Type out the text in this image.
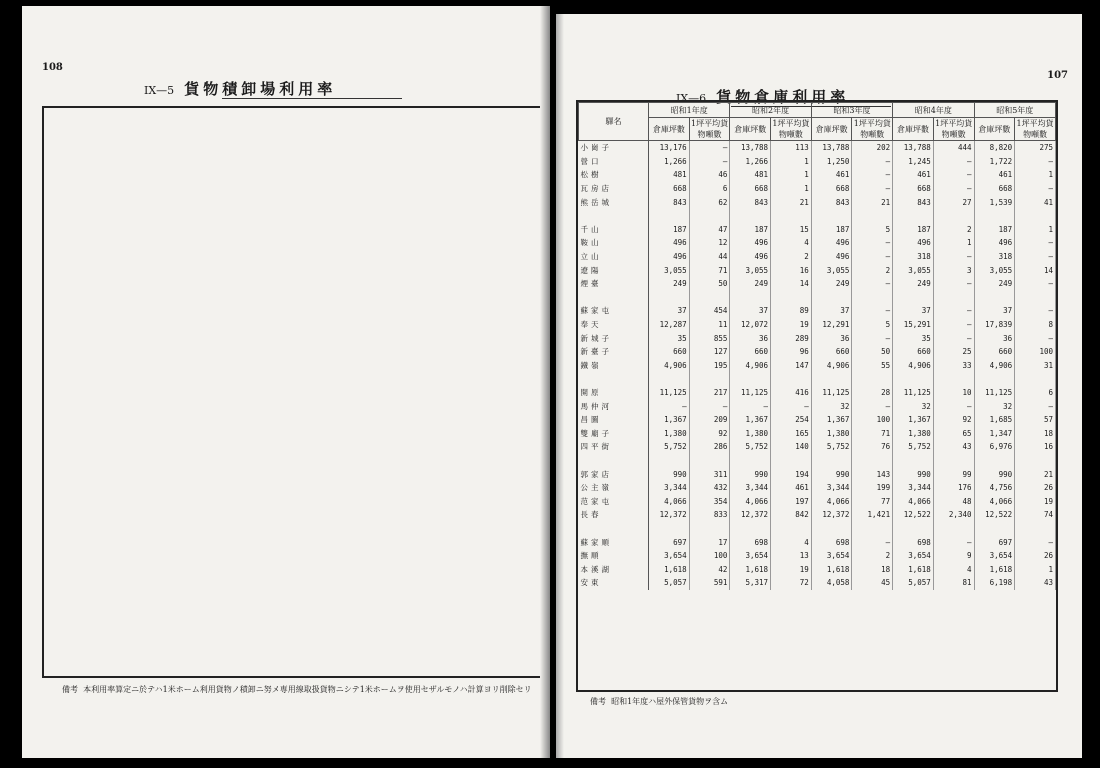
108
IX—5 貨物積卸場利用率
備考 本利用率算定ニ於テハ1米ホーム利用貨物ノ積卸ニ努メ専用線取扱貨物ニシテ1米ホームヲ使用セザルモノハ計算ヨリ削除セリ
107
IX—6 貨物倉庫利用率
驛名	昭和1年度		昭和2年度		昭和3年度		昭和4年度		昭和5年度	
	倉庫坪數	1坪平均貨物噸數	倉庫坪數	1坪平均貨物噸數	倉庫坪數	1坪平均貨物噸數	倉庫坪數	1坪平均貨物噸數	倉庫坪數	1坪平均貨物噸數
小崗子	13,176	—	13,788	113	13,788	202	13,788	444	8,820	275
營口	1,266	—	1,266	1	1,250	—	1,245	—	1,722	—
松樹	481	46	481	1	461	—	461	—	461	1
瓦房店	668	6	668	1	668	—	668	—	668	—
熊岳城	843	62	843	21	843	21	843	27	1,539	41

千山	187	47	187	15	187	5	187	2	187	1
鞍山	496	12	496	4	496	—	496	1	496	—
立山	496	44	496	2	496	—	318	—	318	—
遼陽	3,055	71	3,055	16	3,055	2	3,055	3	3,055	14
煙臺	249	50	249	14	249	—	249	—	249	—

蘇家屯	37	454	37	89	37	—	37	—	37	—
奉天	12,287	11	12,072	19	12,291	5	15,291	—	17,839	8
新城子	35	855	36	289	36	—	35	—	36	—
新臺子	660	127	660	96	660	50	660	25	660	100
鐵嶺	4,906	195	4,906	147	4,906	55	4,906	33	4,906	31

開原	11,125	217	11,125	416	11,125	28	11,125	10	11,125	6
馬仲河	—	—	—	—	32	—	32	—	32	—
昌圖	1,367	209	1,367	254	1,367	100	1,367	92	1,685	57
雙廟子	1,380	92	1,380	165	1,380	71	1,380	65	1,347	18
四平街	5,752	286	5,752	140	5,752	76	5,752	43	6,976	16

郭家店	990	311	990	194	990	143	990	99	990	21
公主嶺	3,344	432	3,344	461	3,344	199	3,344	176	4,756	26
范家屯	4,066	354	4,066	197	4,066	77	4,066	48	4,066	19
長春	12,372	833	12,372	842	12,372	1,421	12,522	2,340	12,522	74

蘇家順	697	17	698	4	698	—	698	—	697	—
撫順	3,654	100	3,654	13	3,654	2	3,654	9	3,654	26
本溪湖	1,618	42	1,618	19	1,618	18	1,618	4	1,618	1
安東	5,057	591	5,317	72	4,058	45	5,057	81	6,198	43
備考 昭和1年度ハ屋外保管貨物ヲ含ム
